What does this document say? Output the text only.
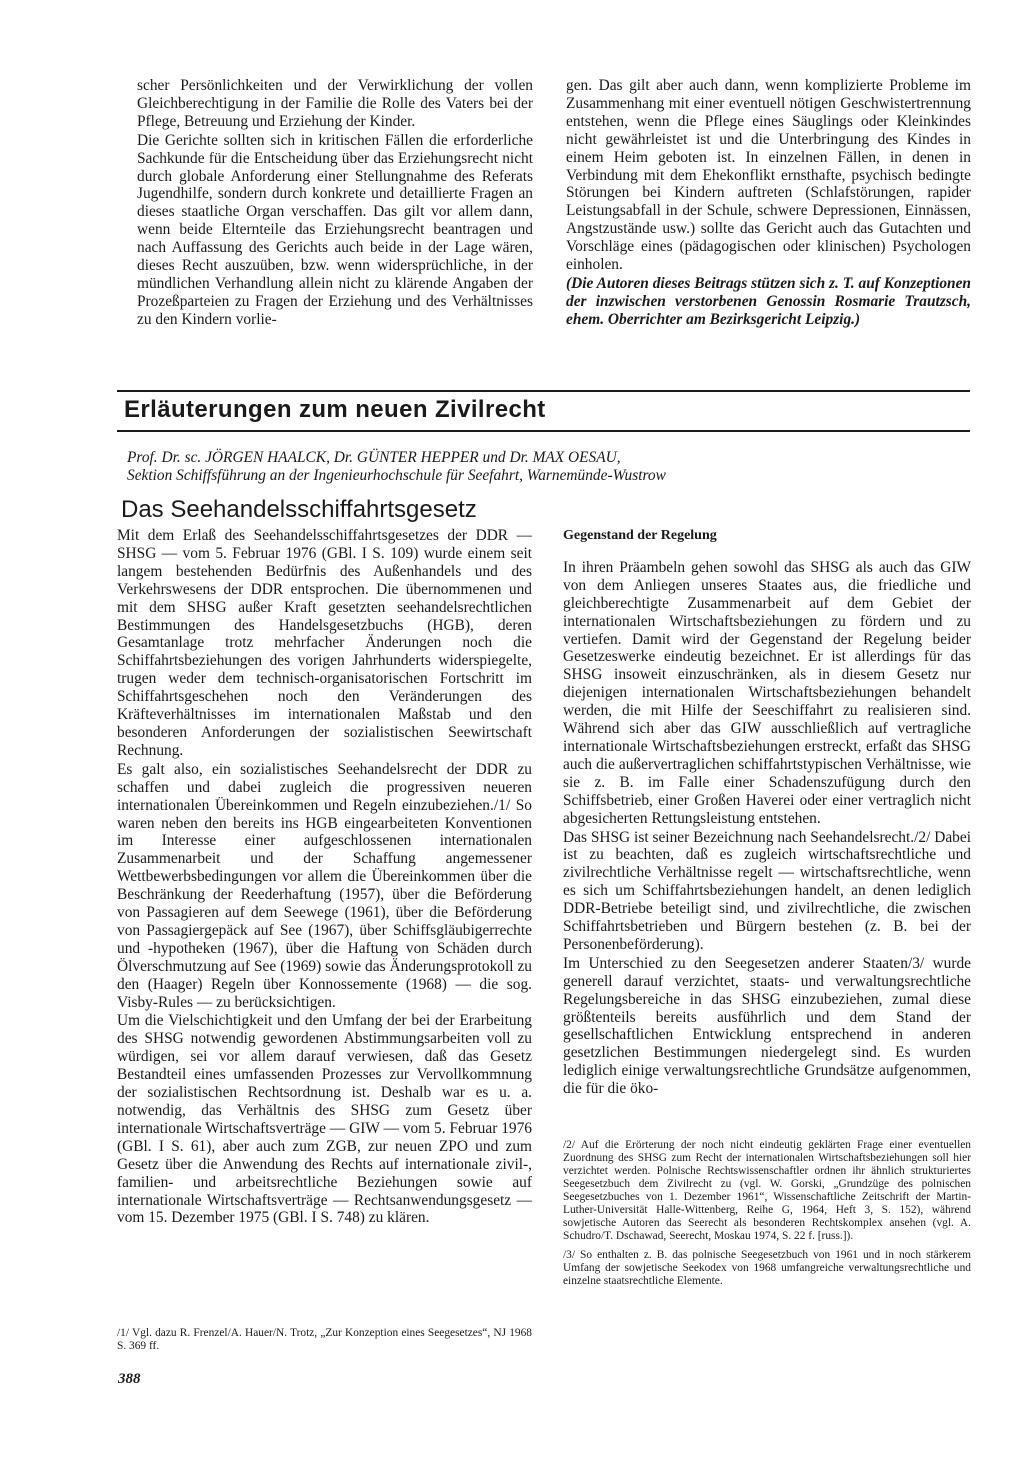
scher Persönlichkeiten und der Verwirklichung der vollen Gleichberechtigung in der Familie die Rolle des Vaters bei der Pflege, Betreuung und Erziehung der Kinder.

Die Gerichte sollten sich in kritischen Fällen die erforderliche Sachkunde für die Entscheidung über das Erziehungsrecht nicht durch globale Anforderung einer Stellungnahme des Referats Jugendhilfe, sondern durch konkrete und detaillierte Fragen an dieses staatliche Organ verschaffen. Das gilt vor allem dann, wenn beide Elternteile das Erziehungsrecht beantragen und nach Auffassung des Gerichts auch beide in der Lage wären, dieses Recht auszuüben, bzw. wenn widersprüchliche, in der mündlichen Verhandlung allein nicht zu klärende Angaben der Prozeßparteien zu Fragen der Erziehung und des Verhältnisses zu den Kindern vorlie-

gen. Das gilt aber auch dann, wenn komplizierte Probleme im Zusammenhang mit einer eventuell nötigen Geschwistertrennung entstehen, wenn die Pflege eines Säuglings oder Kleinkindes nicht gewährleistet ist und die Unterbringung des Kindes in einem Heim geboten ist. In einzelnen Fällen, in denen in Verbindung mit dem Ehekonflikt ernsthafte, psychisch bedingte Störungen bei Kindern auftreten (Schlafstörungen, rapider Leistungsabfall in der Schule, schwere Depressionen, Einnässen, Angstzustände usw.) sollte das Gericht auch das Gutachten und Vorschläge eines (pädagogischen oder klinischen) Psychologen einholen.

(Die Autoren dieses Beitrags stützen sich z. T. auf Konzeptionen der inzwischen verstorbenen Genossin Rosmarie Trautzsch, ehem. Oberrichter am Bezirksgericht Leipzig.)

Erläuterungen zum neuen Zivilrecht
Prof. Dr. sc. JÖRGEN HAALCK, Dr. GÜNTER HEPPER und Dr. MAX OESAU,
Sektion Schiffsführung an der Ingenieurhochschule für Seefahrt, Warnemünde-Wustrow
Das Seehandelsschiffahrtsgesetz

Mit dem Erlaß des Seehandelsschiffahrtsgesetzes der DDR — SHSG — vom 5. Februar 1976 (GBl. I S. 109) wurde einem seit langem bestehenden Bedürfnis des Außenhandels und des Verkehrswesens der DDR entsprochen. Die übernommenen und mit dem SHSG außer Kraft gesetzten seehandelsrechtlichen Bestimmungen des Handelsgesetzbuchs (HGB), deren Gesamtanlage trotz mehrfacher Änderungen noch die Schiffahrtsbeziehungen des vorigen Jahrhunderts widerspiegelte, trugen weder dem technisch-organisatorischen Fortschritt im Schiffahrtsgeschehen noch den Veränderungen des Kräfteverhältnisses im internationalen Maßstab und den besonderen Anforderungen der sozialistischen Seewirtschaft Rechnung.

Es galt also, ein sozialistisches Seehandelsrecht der DDR zu schaffen und dabei zugleich die progressiven neueren internationalen Übereinkommen und Regeln einzubeziehen./1/ So waren neben den bereits ins HGB eingearbeiteten Konventionen im Interesse einer aufgeschlossenen internationalen Zusammenarbeit und der Schaffung angemessener Wettbewerbsbedingungen vor allem die Übereinkommen über die Beschränkung der Reederhaftung (1957), über die Beförderung von Passagieren auf dem Seewege (1961), über die Beförderung von Passagiergepäck auf See (1967), über Schiffsgläubigerrechte und -hypotheken (1967), über die Haftung von Schäden durch Ölverschmutzung auf See (1969) sowie das Änderungsprotokoll zu den (Haager) Regeln über Konnossemente (1968) — die sog. Visby-Rules — zu berücksichtigen.

Um die Vielschichtigkeit und den Umfang der bei der Erarbeitung des SHSG notwendig gewordenen Abstimmungsarbeiten voll zu würdigen, sei vor allem darauf verwiesen, daß das Gesetz Bestandteil eines umfassenden Prozesses zur Vervollkommnung der sozialistischen Rechtsordnung ist. Deshalb war es u. a. notwendig, das Verhältnis des SHSG zum Gesetz über internationale Wirtschaftsverträge — GIW — vom 5. Februar 1976 (GBl. I S. 61), aber auch zum ZGB, zur neuen ZPO und zum Gesetz über die Anwendung des Rechts auf internationale zivil-, familien- und arbeitsrechtliche Beziehungen sowie auf internationale Wirtschaftsverträge — Rechtsanwendungsgesetz — vom 15. Dezember 1975 (GBl. I S. 748) zu klären.

Gegenstand der Regelung

In ihren Präambeln gehen sowohl das SHSG als auch das GIW von dem Anliegen unseres Staates aus, die friedliche und gleichberechtigte Zusammenarbeit auf dem Gebiet der internationalen Wirtschaftsbeziehungen zu fördern und zu vertiefen. Damit wird der Gegenstand der Regelung beider Gesetzeswerke eindeutig bezeichnet. Er ist allerdings für das SHSG insoweit einzuschränken, als in diesem Gesetz nur diejenigen internationalen Wirtschaftsbeziehungen behandelt werden, die mit Hilfe der Seeschiffahrt zu realisieren sind. Während sich aber das GIW ausschließlich auf vertragliche internationale Wirtschaftsbeziehungen erstreckt, erfaßt das SHSG auch die außervertraglichen schiffahrtstypischen Verhältnisse, wie sie z. B. im Falle einer Schadenszufügung durch den Schiffsbetrieb, einer Großen Haverei oder einer vertraglich nicht abgesicherten Rettungsleistung entstehen.

Das SHSG ist seiner Bezeichnung nach Seehandelsrecht./2/ Dabei ist zu beachten, daß es zugleich wirtschaftsrechtliche und zivilrechtliche Verhältnisse regelt — wirtschaftsrechtliche, wenn es sich um Schiffahrtsbeziehungen handelt, an denen lediglich DDR-Betriebe beteiligt sind, und zivilrechtliche, die zwischen Schiffahrtsbetrieben und Bürgern bestehen (z. B. bei der Personenbeförderung).

Im Unterschied zu den Seegesetzen anderer Staaten/3/ wurde generell darauf verzichtet, staats- und verwaltungsrechtliche Regelungsbereiche in das SHSG einzubeziehen, zumal diese größtenteils bereits ausführlich und dem Stand der gesellschaftlichen Entwicklung entsprechend in anderen gesetzlichen Bestimmungen niedergelegt sind. Es wurden lediglich einige verwaltungsrechtliche Grundsätze aufgenommen, die für die öko-

/1/ Vgl. dazu R. Frenzel/A. Hauer/N. Trotz, „Zur Konzeption eines Seegesetzes“, NJ 1968 S. 369 ff.

/2/ Auf die Erörterung der noch nicht eindeutig geklärten Frage einer eventuellen Zuordnung des SHSG zum Recht der internationalen Wirtschaftsbeziehungen soll hier verzichtet werden. Polnische Rechtswissenschaftler ordnen ihr ähnlich strukturiertes Seegesetzbuch dem Zivilrecht zu (vgl. W. Gorski, „Grundzüge des polnischen Seegesetzbuches von 1. Dezember 1961“, Wissenschaftliche Zeitschrift der Martin-Luther-Universität Halle-Wittenberg, Reihe G, 1964, Heft 3, S. 152), während sowjetische Autoren das Seerecht als besonderen Rechtskomplex ansehen (vgl. A. Schudro/T. Dschawad, Seerecht, Moskau 1974, S. 22 f. [russ.]).

/3/ So enthalten z. B. das polnische Seegesetzbuch von 1961 und in noch stärkerem Umfang der sowjetische Seekodex von 1968 umfangreiche verwaltungsrechtliche und einzelne staatsrechtliche Elemente.

388
